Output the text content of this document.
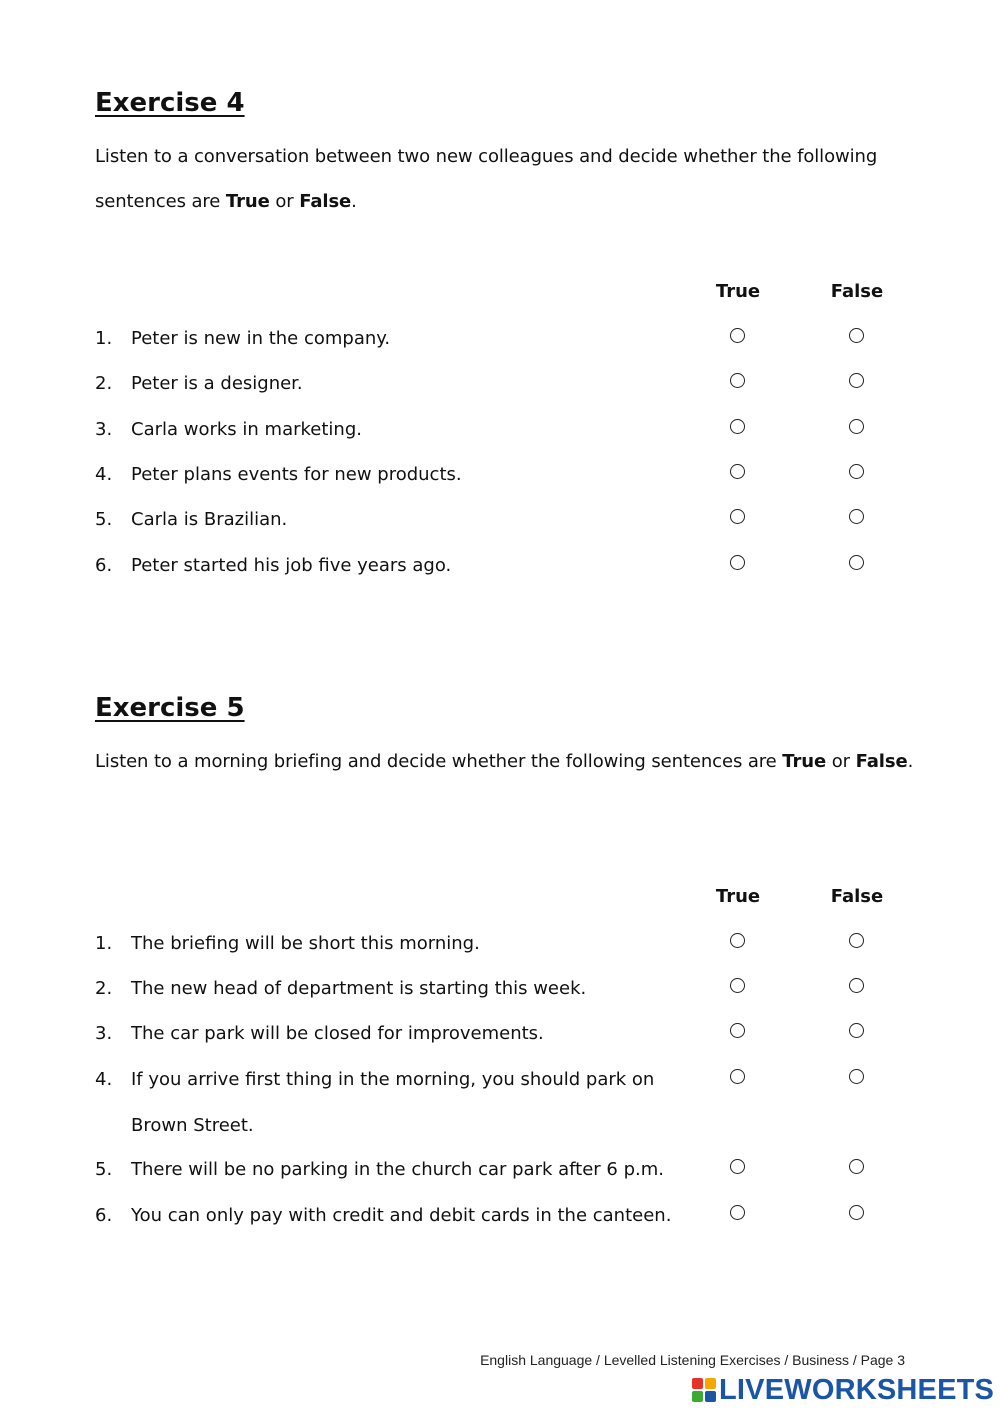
Exercise 4

Listen to a conversation between two new colleagues and decide whether the following sentences are True or False.

True	False
1. Peter is new in the company.
2. Peter is a designer.
3. Carla works in marketing.
4. Peter plans events for new products.
5. Carla is Brazilian.
6. Peter started his job five years ago.
Exercise 5

Listen to a morning briefing and decide whether the following sentences are True or False.

True	False
1. The briefing will be short this morning.
2. The new head of department is starting this week.
3. The car park will be closed for improvements.
4. If you arrive first thing in the morning, you should park on Brown Street.
5. There will be no parking in the church car park after 6 p.m.
6. You can only pay with credit and debit cards in the canteen.
English Language / Levelled Listening Exercises / Business / Page 3
LIVEWORKSHEETS
